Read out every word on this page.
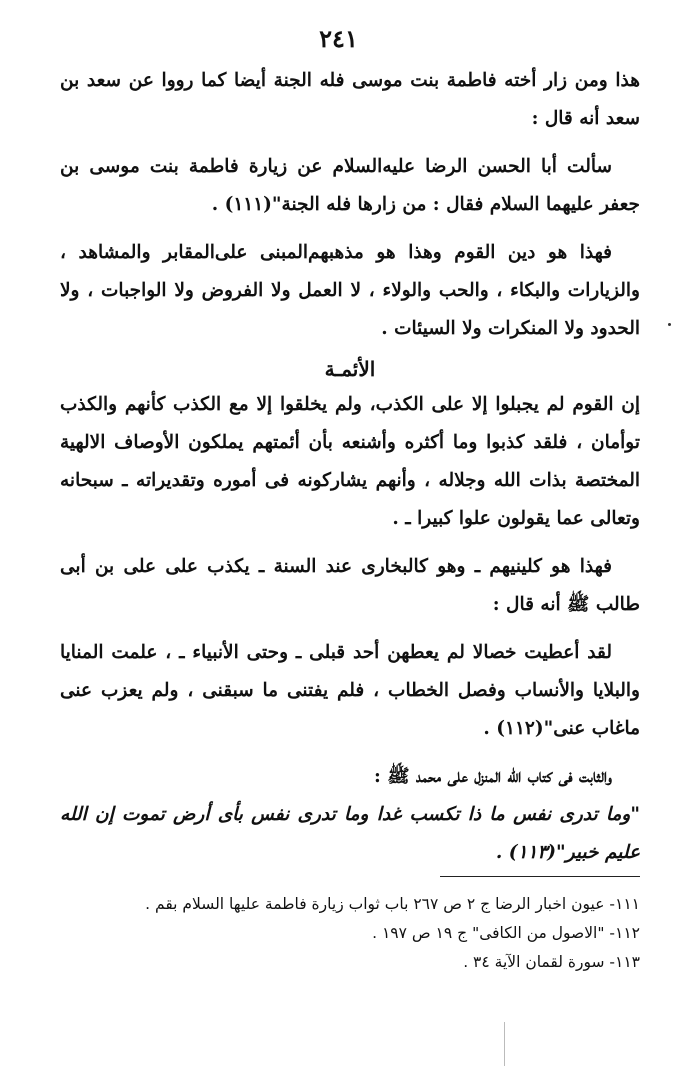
٢٤١

هذا ومن زار أخته فاطمة بنت موسى فله الجنة أيضا كما رووا عن سعد بن سعد أنه قال :

سألت أبا الحسن الرضا عليه‌السلام عن زيارة فاطمة بنت موسى بن جعفر عليهما السلام فقال : من زارها فله الجنة"(١١١) .

فهذا هو دين القوم وهذا هو مذهبهم‌المبنى على‌المقابر والمشاهد ، والزيارات والبكاء ، والحب والولاء ، لا العمل ولا الفروض ولا الواجبات ، ولا الحدود ولا المنكرات ولا السيئات .

الأئمـة

إن القوم لم يجبلوا إلا على الكذب، ولم يخلقوا إلا مع الكذب كأنهم والكذب توأمان ، فلقد كذبوا وما أكثره وأشنعه بأن أئمتهم يملكون الأوصاف الالهية المختصة بذات الله وجلاله ، وأنهم يشاركونه فى أموره وتقديراته ـ سبحانه وتعالى عما يقولون علوا كبيرا ـ .

فهذا هو كلينيهم ـ وهو كالبخارى عند السنة ـ يكذب على على بن أبى طالب ﷺ أنه قال :

لقد أعطيت خصالا لم يعطهن أحد قبلى ـ وحتى الأنبياء ـ ، علمت المنايا والبلايا والأنساب وفصل الخطاب ، فلم يفتنى ما سبقنى ، ولم يعزب عنى ماغاب عنى"(١١٢) .

والثابت فى كتاب الله المنزل على محمد ﷺ :

"وما تدرى نفس ما ذا تكسب غدا وما تدرى نفس بأى أرض تموت إن الله عليم خبير"(١١٣) .

١١١- عيون اخبار الرضا ج ٢ ص ٢٦٧ باب ثواب زيارة فاطمة عليها السلام بقم .

١١٢- "الاصول من الكافى" ج ١٩ ص ١٩٧ .

١١٣- سورة لقمان الآية ٣٤ .
